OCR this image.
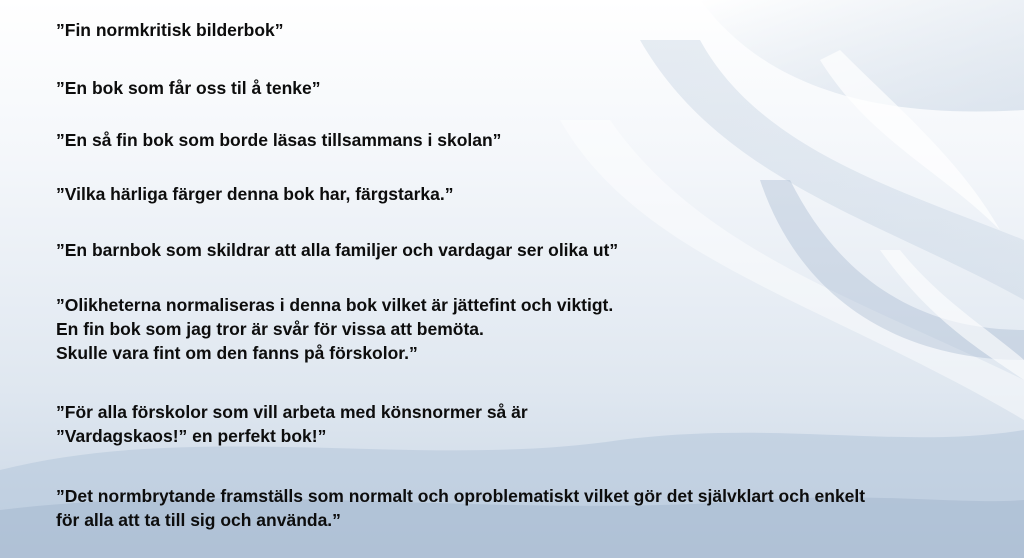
”Fin normkritisk bilderbok”
”En bok som får oss til å tenke”
”En så fin bok som borde läsas tillsammans i skolan”
”Vilka härliga färger denna bok har, färgstarka.”
”En barnbok som skildrar att alla familjer och vardagar ser olika ut”
”Olikheterna normaliseras i denna bok vilket är jättefint och viktigt.
En fin bok som jag tror är svår för vissa att bemöta.
Skulle vara fint om den fanns på förskolor.”
”För alla förskolor som vill arbeta med könsnormer så är
”Vardagskaos!” en perfekt bok!”
”Det normbrytande framställs som normalt och oproblematiskt vilket gör det självklart och enkelt
för alla att ta till sig och använda.”
